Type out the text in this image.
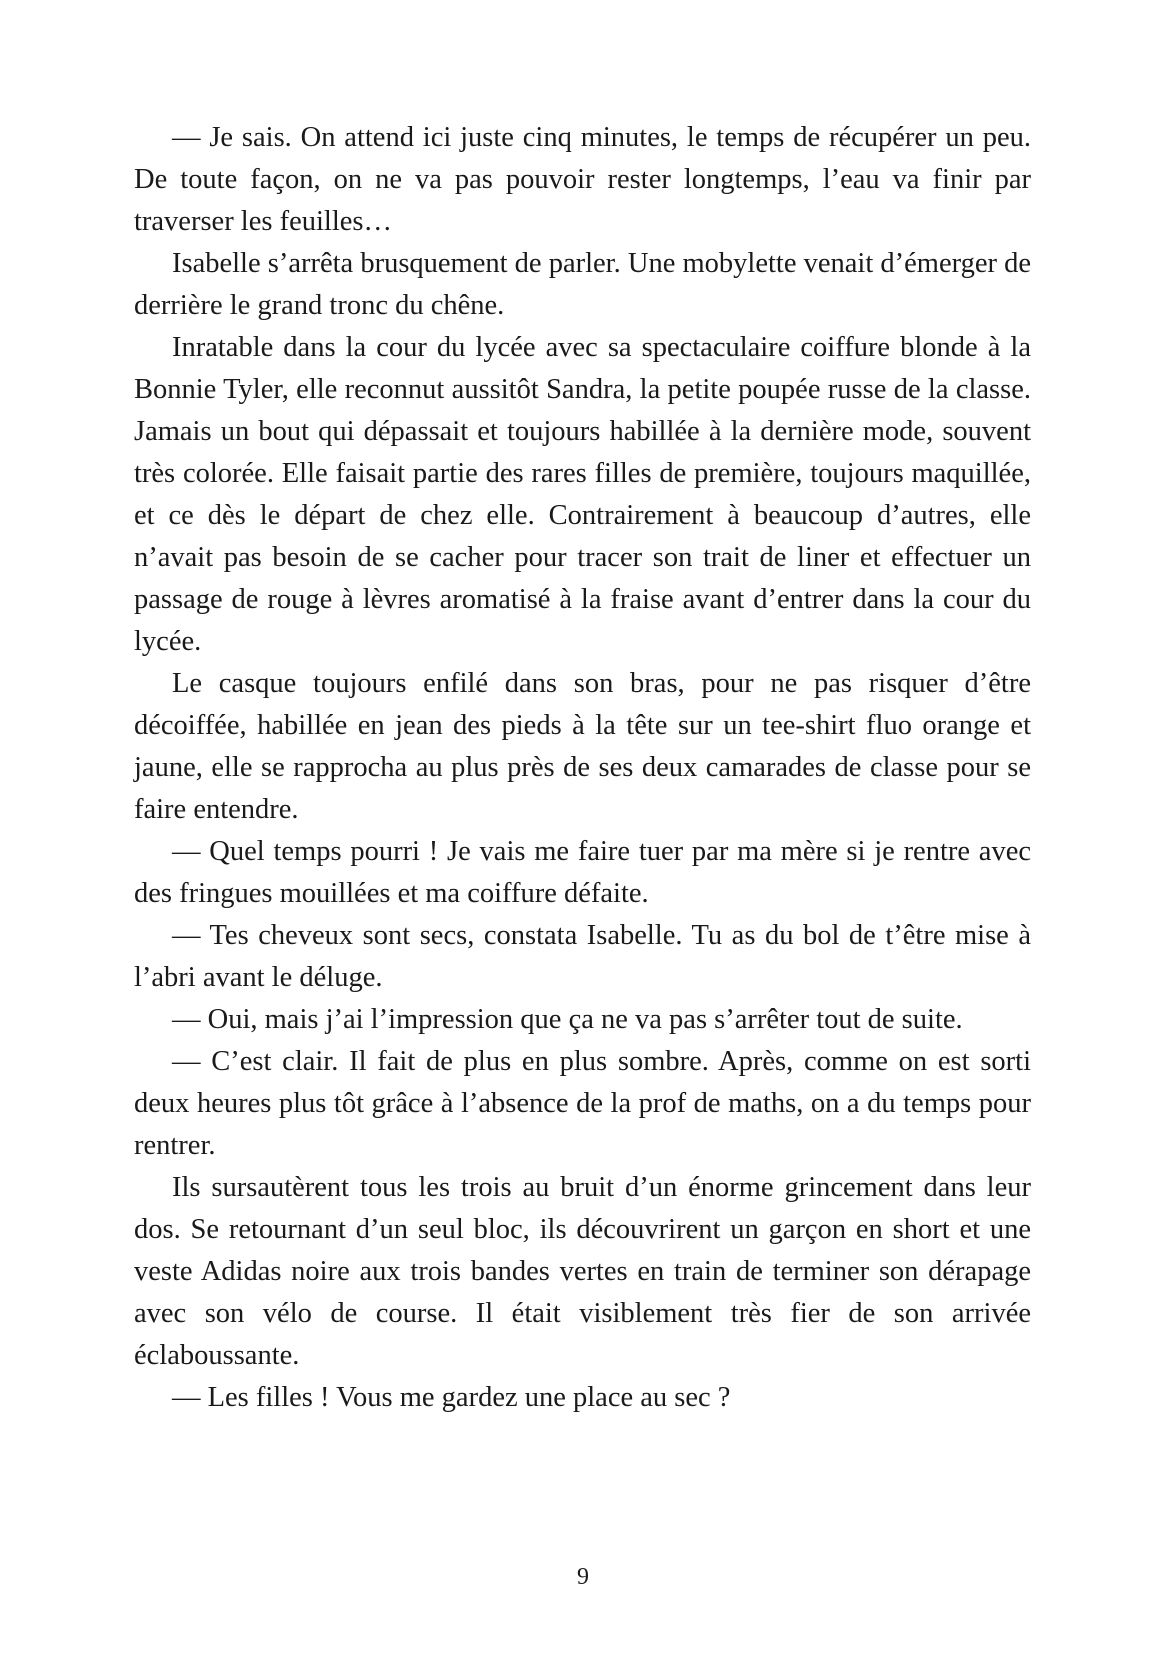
— Je sais. On attend ici juste cinq minutes, le temps de récupérer un peu. De toute façon, on ne va pas pouvoir rester longtemps, l’eau va finir par traverser les feuilles…

Isabelle s’arrêta brusquement de parler. Une mobylette venait d’émerger de derrière le grand tronc du chêne.

Inratable dans la cour du lycée avec sa spectaculaire coiffure blonde à la Bonnie Tyler, elle reconnut aussitôt Sandra, la petite poupée russe de la classe. Jamais un bout qui dépassait et toujours habillée à la dernière mode, souvent très colorée. Elle faisait partie des rares filles de première, toujours maquillée, et ce dès le départ de chez elle. Contrairement à beaucoup d’autres, elle n’avait pas besoin de se cacher pour tracer son trait de liner et effectuer un passage de rouge à lèvres aromatisé à la fraise avant d’entrer dans la cour du lycée.

Le casque toujours enfilé dans son bras, pour ne pas risquer d’être décoiffée, habillée en jean des pieds à la tête sur un tee-shirt fluo orange et jaune, elle se rapprocha au plus près de ses deux camarades de classe pour se faire entendre.

— Quel temps pourri ! Je vais me faire tuer par ma mère si je rentre avec des fringues mouillées et ma coiffure défaite.

— Tes cheveux sont secs, constata Isabelle. Tu as du bol de t’être mise à l’abri avant le déluge.

— Oui, mais j’ai l’impression que ça ne va pas s’arrêter tout de suite.

— C’est clair. Il fait de plus en plus sombre. Après, comme on est sorti deux heures plus tôt grâce à l’absence de la prof de maths, on a du temps pour rentrer.

Ils sursautèrent tous les trois au bruit d’un énorme grincement dans leur dos. Se retournant d’un seul bloc, ils découvrirent un garçon en short et une veste Adidas noire aux trois bandes vertes en train de terminer son dérapage avec son vélo de course. Il était visiblement très fier de son arrivée éclaboussante.

— Les filles ! Vous me gardez une place au sec ?

9
